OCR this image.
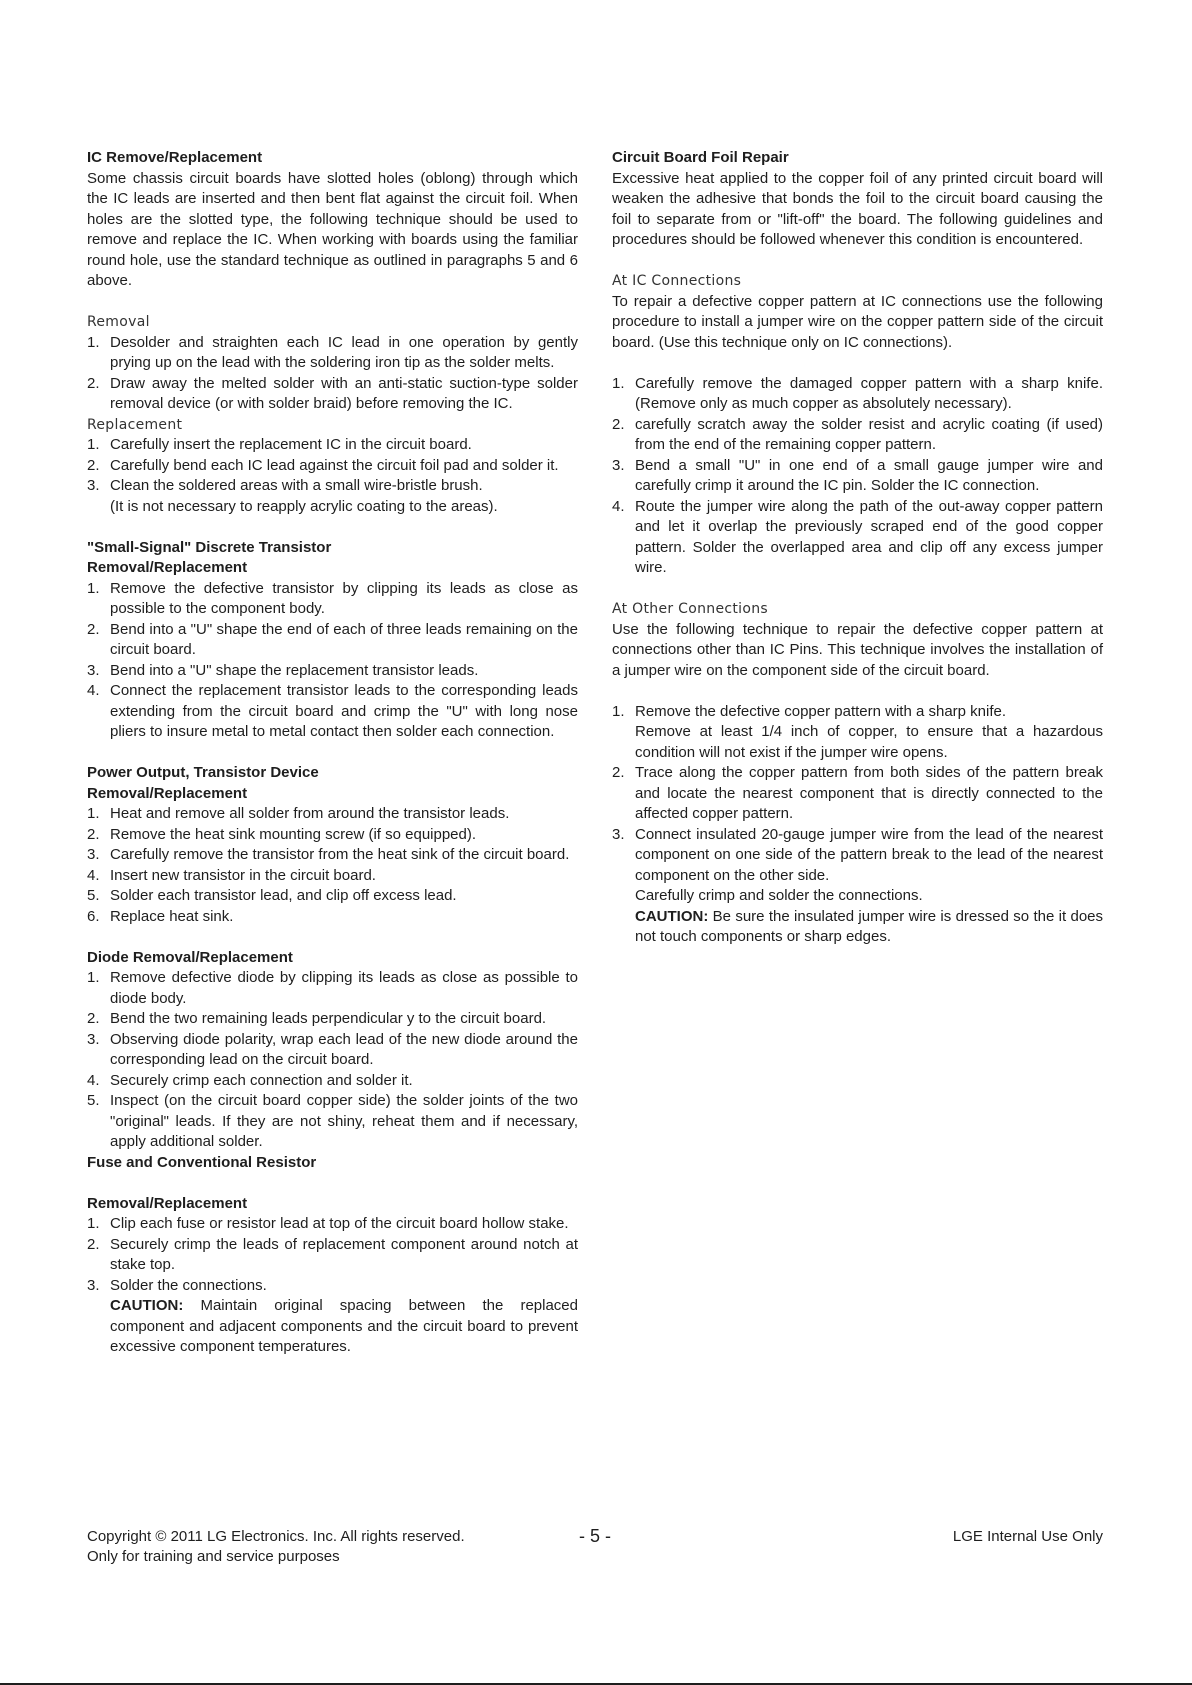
IC Remove/Replacement

Some chassis circuit boards have slotted holes (oblong) through which the IC leads are inserted and then bent flat against the circuit foil. When holes are the slotted type, the following technique should be used to remove and replace the IC. When working with boards using the familiar round hole, use the standard technique as outlined in paragraphs 5 and 6 above.

Removal

1. Desolder and straighten each IC lead in one operation by gently prying up on the lead with the soldering iron tip as the solder melts.
2. Draw away the melted solder with an anti-static suction-type solder removal device (or with solder braid) before removing the IC.

Replacement

1. Carefully insert the replacement IC in the circuit board.
2. Carefully bend each IC lead against the circuit foil pad and solder it.
3. Clean the soldered areas with a small wire-bristle brush.

(It is not necessary to reapply acrylic coating to the areas).

"Small-Signal" Discrete Transistor

Removal/Replacement

1. Remove the defective transistor by clipping its leads as close as possible to the component body.
2. Bend into a "U" shape the end of each of three leads remaining on the circuit board.
3. Bend into a "U" shape the replacement transistor leads.
4. Connect the replacement transistor leads to the corresponding leads extending from the circuit board and crimp the "U" with long nose pliers to insure metal to metal contact then solder each connection.

Power Output, Transistor Device

Removal/Replacement

1. Heat and remove all solder from around the transistor leads.
2. Remove the heat sink mounting screw (if so equipped).
3. Carefully remove the transistor from the heat sink of the circuit board.
4. Insert new transistor in the circuit board.
5. Solder each transistor lead, and clip off excess lead.
6. Replace heat sink.

Diode Removal/Replacement

1. Remove defective diode by clipping its leads as close as possible to diode body.
2. Bend the two remaining leads perpendicular y to the circuit board.
3. Observing diode polarity, wrap each lead of the new diode around the corresponding lead on the circuit board.
4. Securely crimp each connection and solder it.
5. Inspect (on the circuit board copper side) the solder joints of the two "original" leads. If they are not shiny, reheat them and if necessary, apply additional solder.

Fuse and Conventional Resistor

Removal/Replacement

1. Clip each fuse or resistor lead at top of the circuit board hollow stake.
2. Securely crimp the leads of replacement component around notch at stake top.
3. Solder the connections.

CAUTION: Maintain original spacing between the replaced component and adjacent components and the circuit board to prevent excessive component temperatures.

Circuit Board Foil Repair

Excessive heat applied to the copper foil of any printed circuit board will weaken the adhesive that bonds the foil to the circuit board causing the foil to separate from or "lift-off" the board. The following guidelines and procedures should be followed whenever this condition is encountered.

At IC Connections

To repair a defective copper pattern at IC connections use the following procedure to install a jumper wire on the copper pattern side of the circuit board. (Use this technique only on IC connections).

1. Carefully remove the damaged copper pattern with a sharp knife. (Remove only as much copper as absolutely necessary).
2. carefully scratch away the solder resist and acrylic coating (if used) from the end of the remaining copper pattern.
3. Bend a small "U" in one end of a small gauge jumper wire and carefully crimp it around the IC pin. Solder the IC connection.
4. Route the jumper wire along the path of the out-away copper pattern and let it overlap the previously scraped end of the good copper pattern. Solder the overlapped area and clip off any excess jumper wire.

At Other Connections

Use the following technique to repair the defective copper pattern at connections other than IC Pins. This technique involves the installation of a jumper wire on the component side of the circuit board.

1. Remove the defective copper pattern with a sharp knife.

Remove at least 1/4 inch of copper, to ensure that a hazardous condition will not exist if the jumper wire opens.

2. Trace along the copper pattern from both sides of the pattern break and locate the nearest component that is directly connected to the affected copper pattern.
3. Connect insulated 20-gauge jumper wire from the lead of the nearest component on one side of the pattern break to the lead of the nearest component on the other side.

Carefully crimp and solder the connections.

CAUTION: Be sure the insulated jumper wire is dressed so the it does not touch components or sharp edges.

Copyright © 2011 LG Electronics. Inc. All rights reserved.
Only for training and service purposes
- 5 -	LGE Internal Use Only
